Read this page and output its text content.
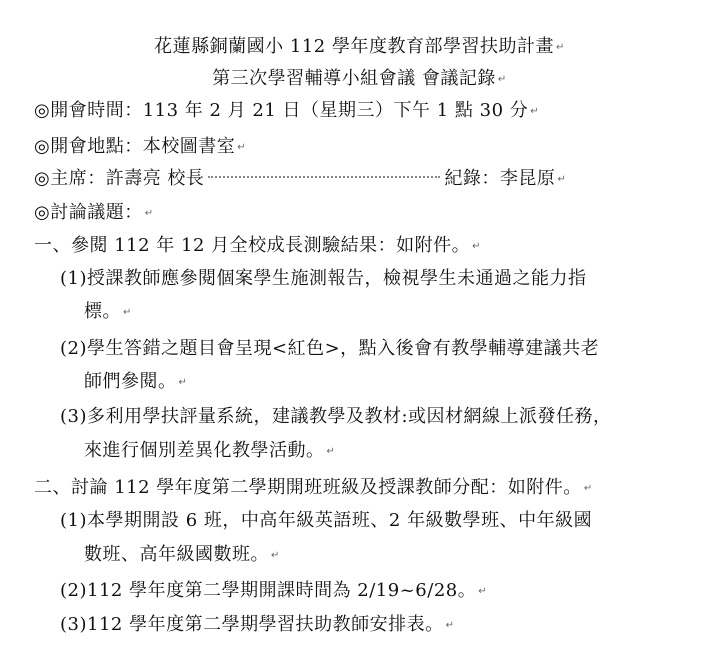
花蓮縣銅蘭國小 112 學年度教育部學習扶助計畫 ↵
第三次學習輔導小組會議 會議記錄 ↵
◎開會時間：113 年 2 月 21 日（星期三）下午 1 點 30 分 ↵
◎開會地點：本校圖書室 ↵
◎主席：許壽亮 校長	紀錄：李昆原 ↵
◎討論議題： ↵
一、參閱 112 年 12 月全校成長測驗結果：如附件。 ↵
(1)授課教師應參閱個案學生施測報告，檢視學生未通過之能力指
標。 ↵
(2)學生答錯之題目會呈現<紅色>，點入後會有教學輔導建議共老
師們參閱。 ↵
(3)多利用學扶評量系統，建議教學及教材:或因材網線上派發任務，
來進行個別差異化教學活動。 ↵
二、討論 112 學年度第二學期開班班級及授課教師分配：如附件。 ↵
(1)本學期開設 6 班，中高年級英語班、2 年級數學班、中年級國
數班、高年級國數班。 ↵
(2)112 學年度第二學期開課時間為 2/19~6/28。 ↵
(3)112 學年度第二學期學習扶助教師安排表。 ↵
